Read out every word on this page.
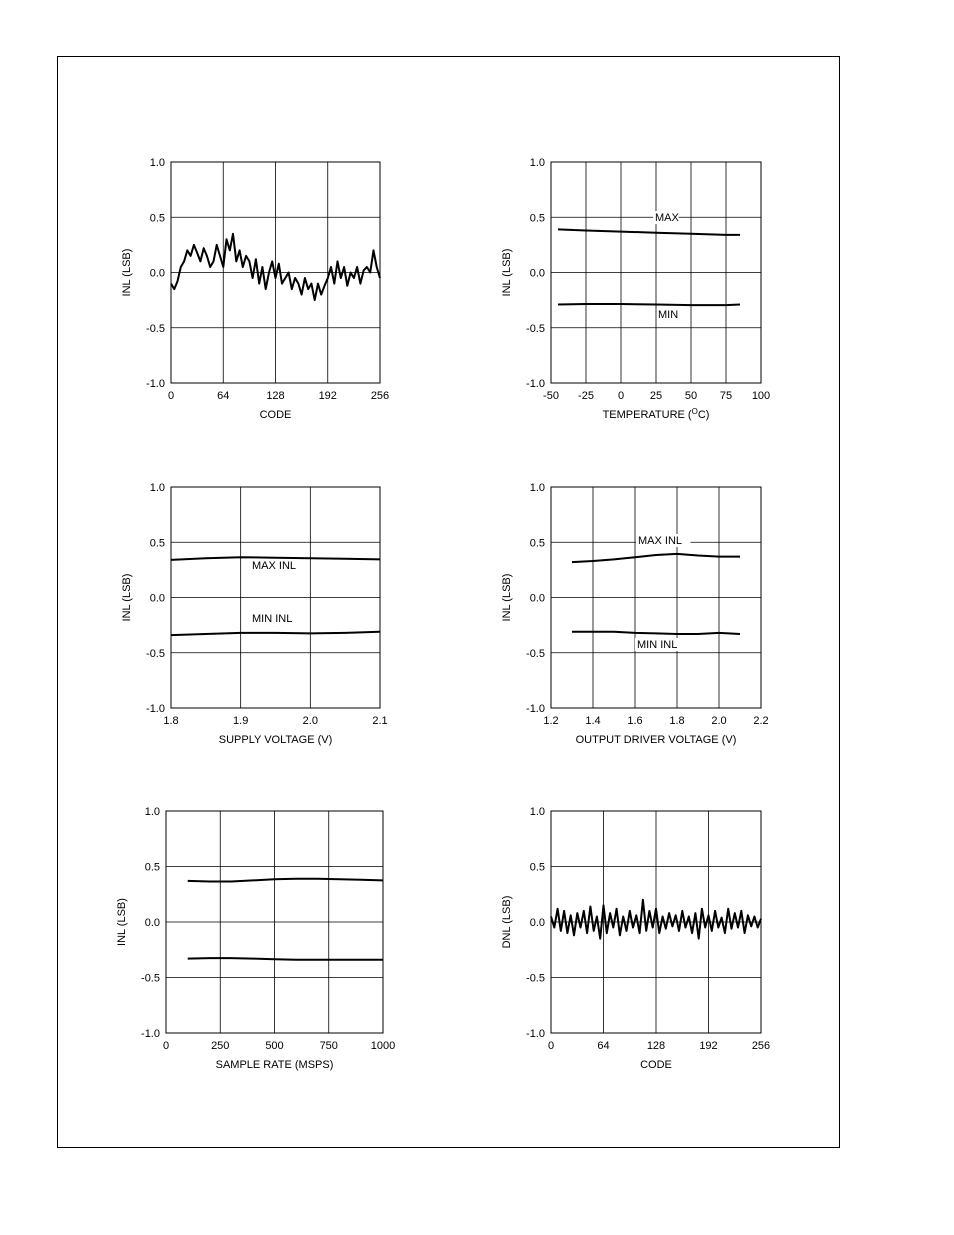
0	64	128	192	256
1.0
0.5
0.0
-0.5
-1.0
CODE
INL (LSB)
-50 -25 0 25 50 75 100
1.0
0.5
0.0
-0.5
-1.0
MAX
MIN
TEMPERATURE ($^O$C)
INL (LSB)
1.8	1.9	2.0	2.1
1.0
0.5
0.0
-0.5
-1.0
MAX INL
MIN INL
SUPPLY VOLTAGE (V)
INL (LSB)
1.2 1.4 1.6 1.8 2.0 2.2
1.0
0.5
0.0
-0.5
-1.0
MAX INL
MIN INL
OUTPUT DRIVER VOLTAGE (V)
INL (LSB)
0	250	500	750	1000
1.0
0.5
0.0
-0.5
-1.0
SAMPLE RATE (MSPS)
INL (LSB)
0	64	128	192	256
1.0
0.5
0.0
-0.5
-1.0
CODE
DNL (LSB)
